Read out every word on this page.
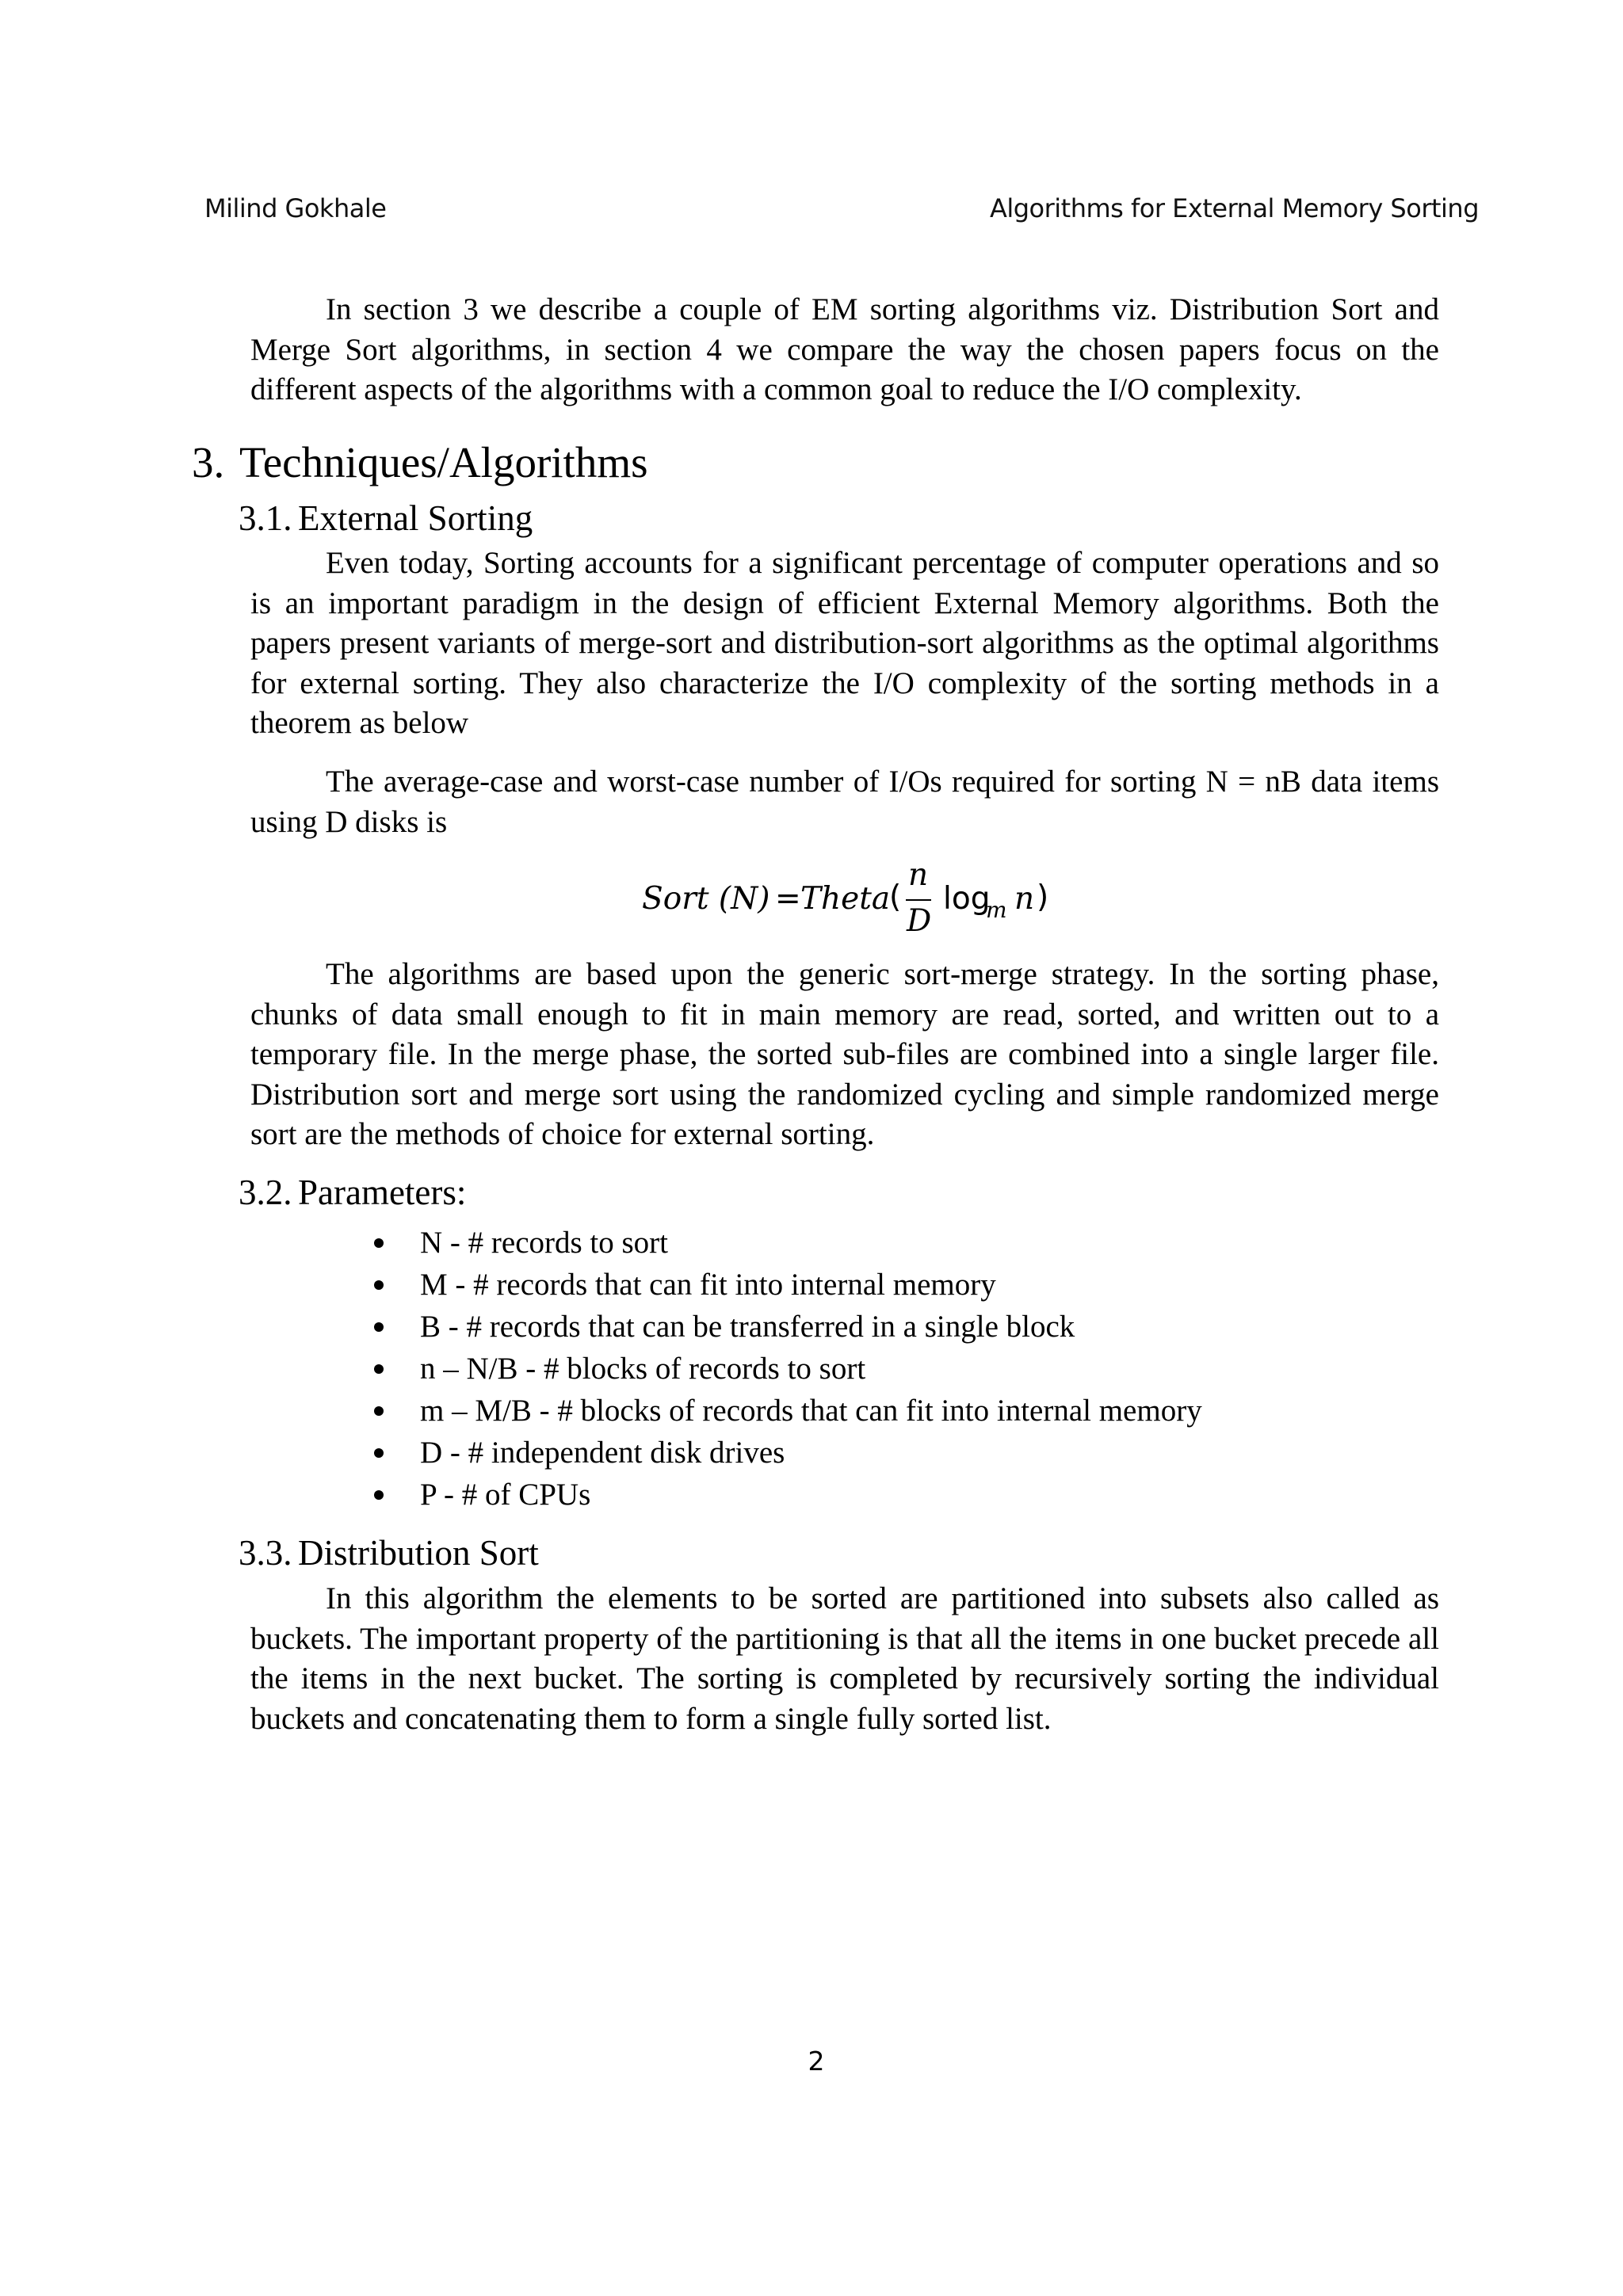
Milind Gokhale	Algorithms for External Memory Sorting

In section 3 we describe a couple of EM sorting algorithms viz. Distribution Sort and Merge Sort algorithms, in section 4 we compare the way the chosen papers focus on the different aspects of the algorithms with a common goal to reduce the I/O complexity.

3. Techniques/Algorithms
3.1. External Sorting

Even today, Sorting accounts for a significant percentage of computer operations and so is an important paradigm in the design of efficient External Memory algorithms. Both the papers present variants of merge-sort and distribution-sort algorithms as the optimal algorithms for external sorting. They also characterize the I/O complexity of the sorting methods in a theorem as below

The average-case and worst-case number of I/Os required for sorting N = nB data items using D disks is

Sort (N) = Theta
(
n
D
log
m n )

The algorithms are based upon the generic sort-merge strategy. In the sorting phase, chunks of data small enough to fit in main memory are read, sorted, and written out to a temporary file. In the merge phase, the sorted sub-files are combined into a single larger file. Distribution sort and merge sort using the randomized cycling and simple randomized merge sort are the methods of choice for external sorting.

3.2. Parameters:
N - # records to sort
M - # records that can fit into internal memory
B - # records that can be transferred in a single block
n – N/B - # blocks of records to sort
m – M/B - # blocks of records that can fit into internal memory
D - # independent disk drives
P - # of CPUs
3.3. Distribution Sort

In this algorithm the elements to be sorted are partitioned into subsets also called as buckets. The important property of the partitioning is that all the items in one bucket precede all the items in the next bucket. The sorting is completed by recursively sorting the individual buckets and concatenating them to form a single fully sorted list.

2
